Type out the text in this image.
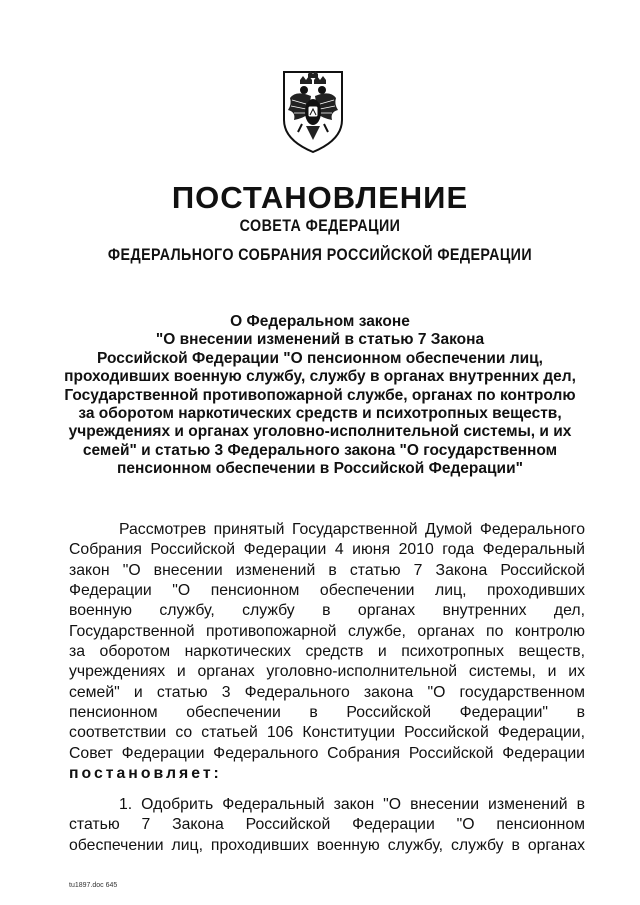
ПОСТАНОВЛЕНИЕ
СОВЕТА ФЕДЕРАЦИИ
ФЕДЕРАЛЬНОГО СОБРАНИЯ РОССИЙСКОЙ ФЕДЕРАЦИИ
О Федеральном законе
"О внесении изменений в статью 7 Закона
Российской Федерации "О пенсионном обеспечении лиц,
проходивших военную службу, службу в органах внутренних дел,
Государственной противопожарной службе, органах по контролю
за оборотом наркотических средств и психотропных веществ,
учреждениях и органах уголовно-исполнительной системы, и их
семей" и статью 3 Федерального закона "О государственном
пенсионном обеспечении в Российской Федерации"
Рассмотрев принятый Государственной Думой Федерального
Собрания Российской Федерации 4 июня 2010 года Федеральный
закон "О внесении изменений в статью 7 Закона Российской
Федерации "О пенсионном обеспечении лиц, проходивших
военную службу, службу в органах внутренних дел,
Государственной противопожарной службе, органах по контролю
за оборотом наркотических средств и психотропных веществ,
учреждениях и органах уголовно-исполнительной системы, и их
семей" и статью 3 Федерального закона "О государственном
пенсионном обеспечении в Российской Федерации" в
соответствии со статьей 106 Конституции Российской Федерации,
Совет Федерации Федерального Собрания Российской Федерации
постановляет:
1. Одобрить Федеральный закон "О внесении изменений в
статью 7 Закона Российской Федерации "О пенсионном
обеспечении лиц, проходивших военную службу, службу в органах
tu1897.doc 645
